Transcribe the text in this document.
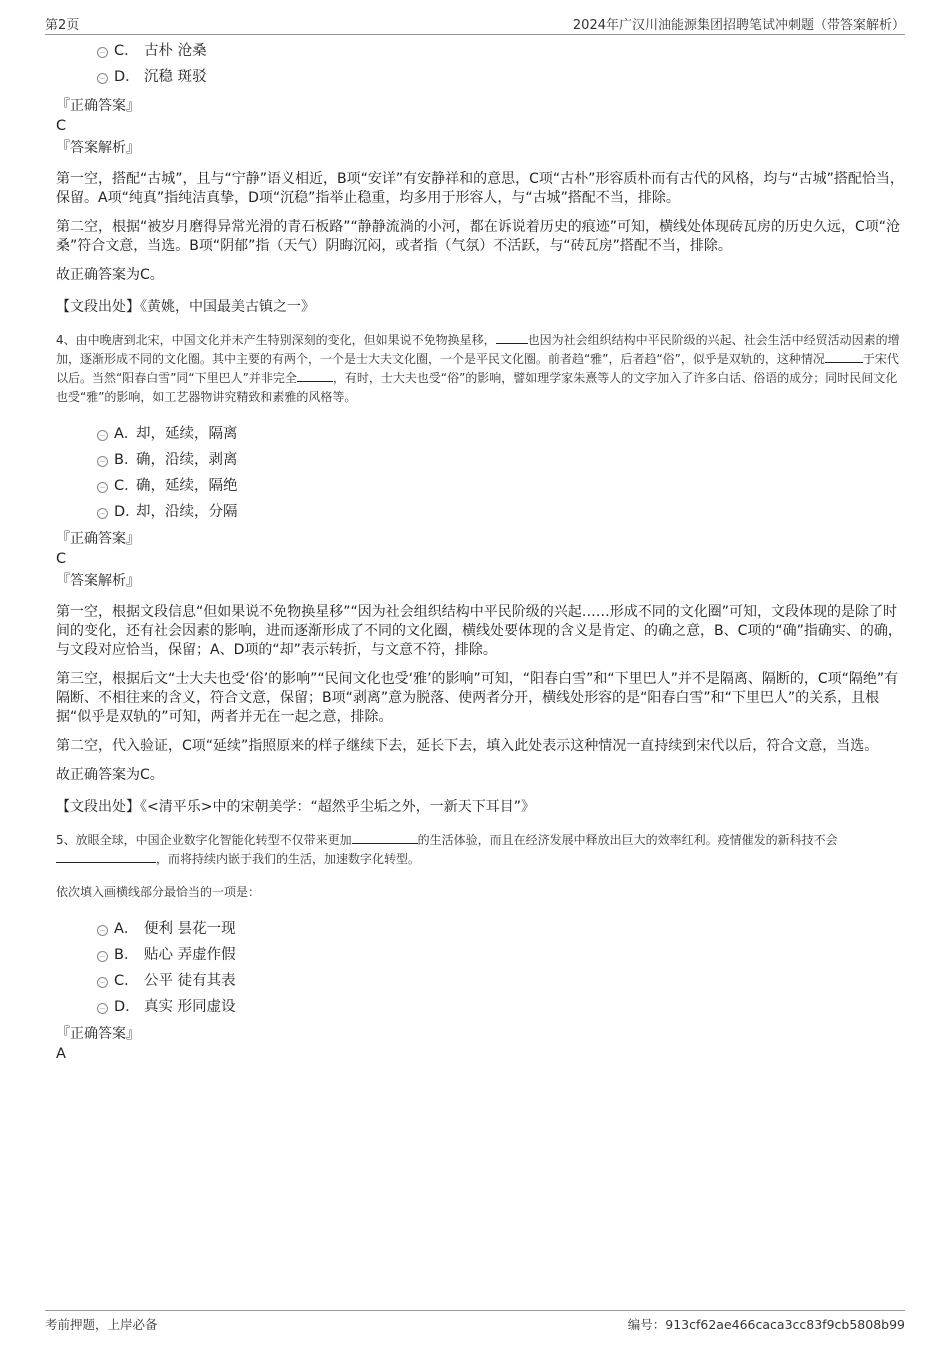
第2页	2024年广汉川油能源集团招聘笔试冲刺题（带答案解析）
C． 古朴 沧桑
D． 沉稳 斑驳
『正确答案』
C
『答案解析』

第一空，搭配“古城”，且与“宁静”语义相近，B项“安详”有安静祥和的意思，C项“古朴”形容质朴而有古代的风格，均与“古城”搭配恰当，保留。A项“纯真”指纯洁真挚，D项“沉稳”指举止稳重，均多用于形容人，与“古城”搭配不当，排除。

第二空，根据“被岁月磨得异常光滑的青石板路”“静静流淌的小河，都在诉说着历史的痕迹”可知，横线处体现砖瓦房的历史久远，C项“沧桑”符合文意，当选。B项“阴郁”指（天气）阴晦沉闷，或者指（气氛）不活跃，与“砖瓦房”搭配不当，排除。

故正确答案为C。

【文段出处】《黄姚，中国最美古镇之一》
4、由中晚唐到北宋，中国文化并未产生特别深刻的变化，但如果说不免物换星移，	也因为社会组织结构中平民阶级的兴起、社会生活中经贸活动因素的增加，逐渐形成不同的文化圈。其中主要的有两个，一个是士大夫文化圈，一个是平民文化圈。前者趋“雅”，后者趋“俗”，似乎是双轨的，这种情况	于宋代以后。当然“阳春白雪”同“下里巴人”并非完全	，有时，士大夫也受“俗”的影响，譬如理学家朱熹等人的文字加入了许多白话、俗语的成分；同时民间文化也受“雅”的影响，如工艺器物讲究精致和素雅的风格等。
A．却，延续，隔离
B．确，沿续，剥离
C．确，延续，隔绝
D．却，沿续，分隔
『正确答案』
C
『答案解析』

第一空，根据文段信息“但如果说不免物换星移”“因为社会组织结构中平民阶级的兴起……形成不同的文化圈”可知，文段体现的是除了时间的变化，还有社会因素的影响，进而逐渐形成了不同的文化圈，横线处要体现的含义是肯定、的确之意，B、C项的“确”指确实、的确，与文段对应恰当，保留；A、D项的“却”表示转折，与文意不符，排除。

第三空，根据后文“士大夫也受‘俗’的影响”“民间文化也受‘雅’的影响”可知，“阳春白雪”和“下里巴人”并不是隔离、隔断的，C项“隔绝”有隔断、不相往来的含义，符合文意，保留；B项“剥离”意为脱落、使两者分开，横线处形容的是“阳春白雪”和“下里巴人”的关系，且根据“似乎是双轨的”可知，两者并无在一起之意，排除。

第二空，代入验证，C项“延续”指照原来的样子继续下去，延长下去，填入此处表示这种情况一直持续到宋代以后，符合文意，当选。

故正确答案为C。

【文段出处】《<清平乐>中的宋朝美学：“超然乎尘垢之外，一新天下耳目”》
5、放眼全球，中国企业数字化智能化转型不仅带来更加	的生活体验，而且在经济发展中释放出巨大的效率红利。疫情催发的新科技不会，而将持续内嵌于我们的生活，加速数字化转型。
依次填入画横线部分最恰当的一项是：
A． 便利 昙花一现
B． 贴心 弄虚作假
C． 公平 徒有其表
D． 真实 形同虚设
『正确答案』
A
考前押题，上岸必备	编号：913cf62ae466caca3cc83f9cb5808b99
